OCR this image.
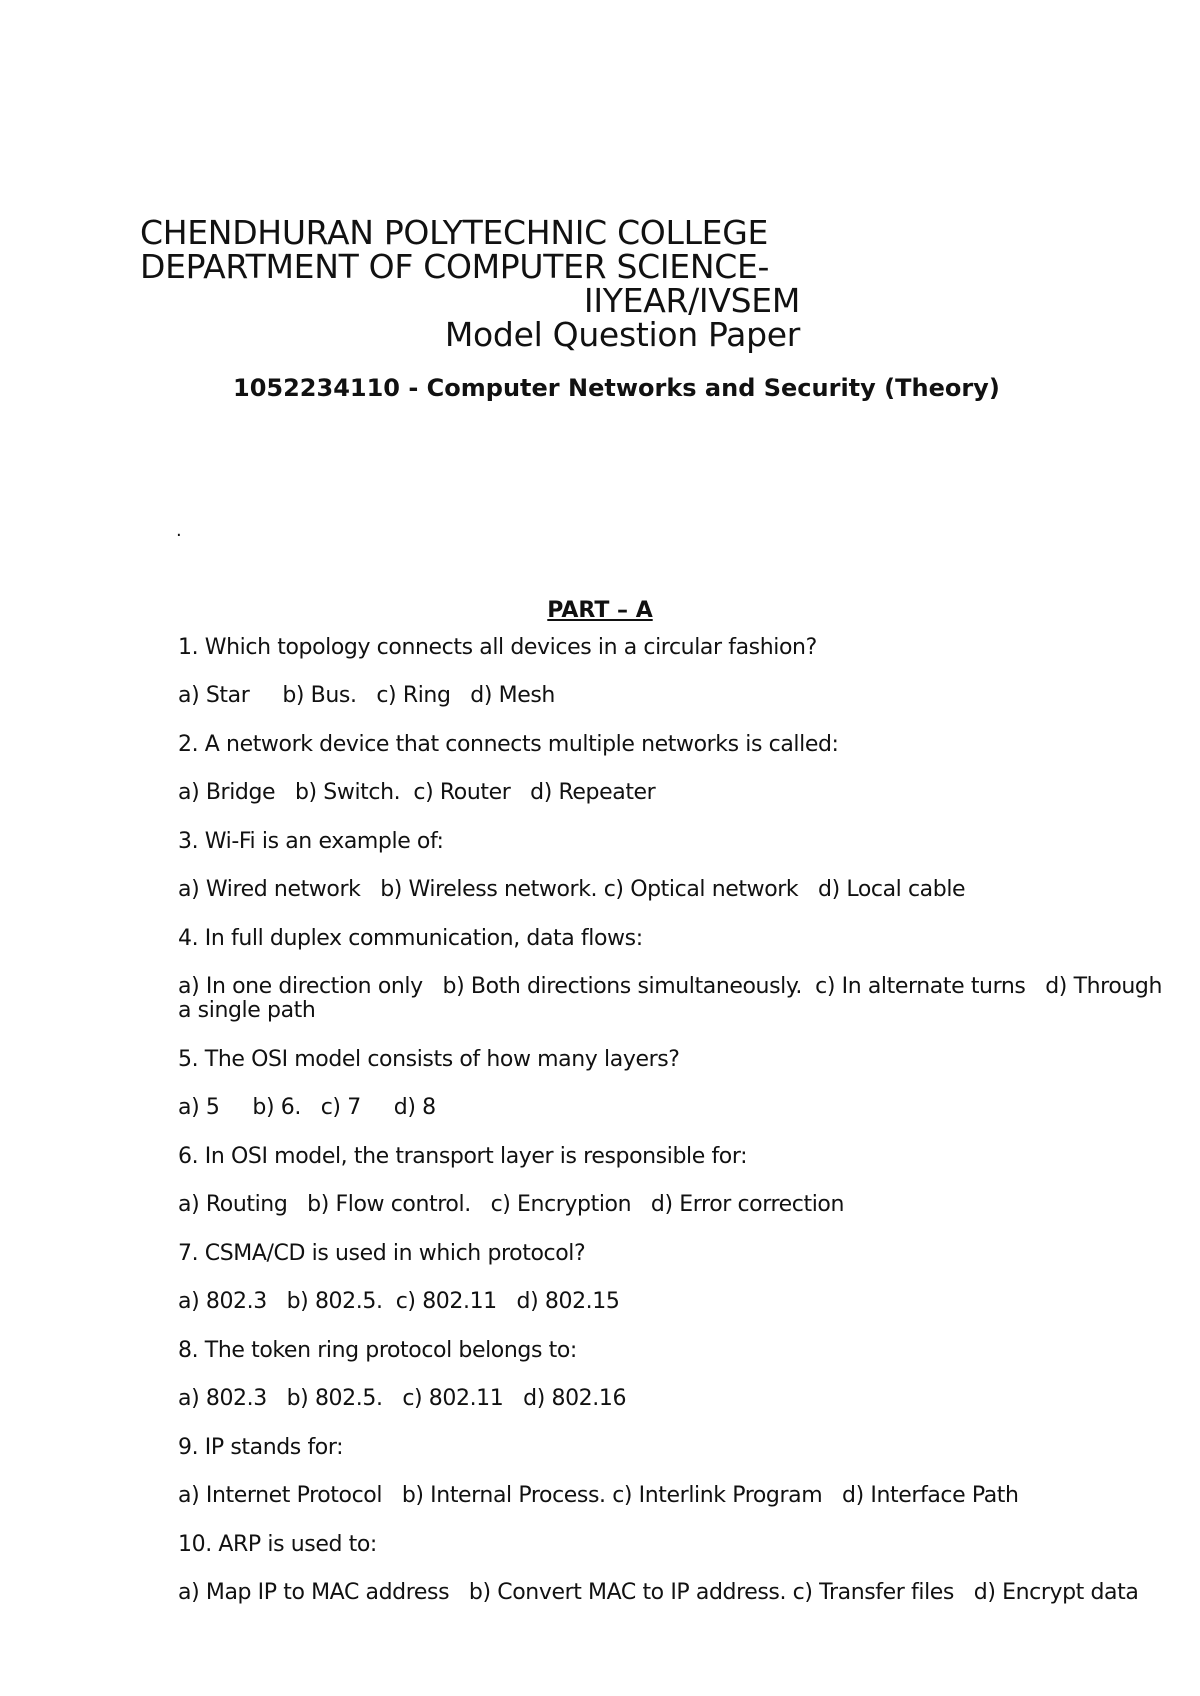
CHENDHURAN POLYTECHNIC COLLEGE
DEPARTMENT OF COMPUTER SCIENCE-
IIYEAR/IVSEM
Model Question Paper
1052234110 - Computer Networks and Security (Theory)
.
PART – A
1. Which topology connects all devices in a circular fashion?
a) Star     b) Bus.   c) Ring   d) Mesh
2. A network device that connects multiple networks is called:
a) Bridge   b) Switch.  c) Router   d) Repeater
3. Wi-Fi is an example of:
a) Wired network   b) Wireless network. c) Optical network   d) Local cable
4. In full duplex communication, data flows:
a) In one direction only   b) Both directions simultaneously.  c) In alternate turns   d) Through a single path
5. The OSI model consists of how many layers?
a) 5     b) 6.   c) 7     d) 8
6. In OSI model, the transport layer is responsible for:
a) Routing   b) Flow control.   c) Encryption   d) Error correction
7. CSMA/CD is used in which protocol?
a) 802.3   b) 802.5.  c) 802.11   d) 802.15
8. The token ring protocol belongs to:
a) 802.3   b) 802.5.   c) 802.11   d) 802.16
9. IP stands for:
a) Internet Protocol   b) Internal Process. c) Interlink Program   d) Interface Path
10. ARP is used to:
a) Map IP to MAC address   b) Convert MAC to IP address. c) Transfer files   d) Encrypt data
